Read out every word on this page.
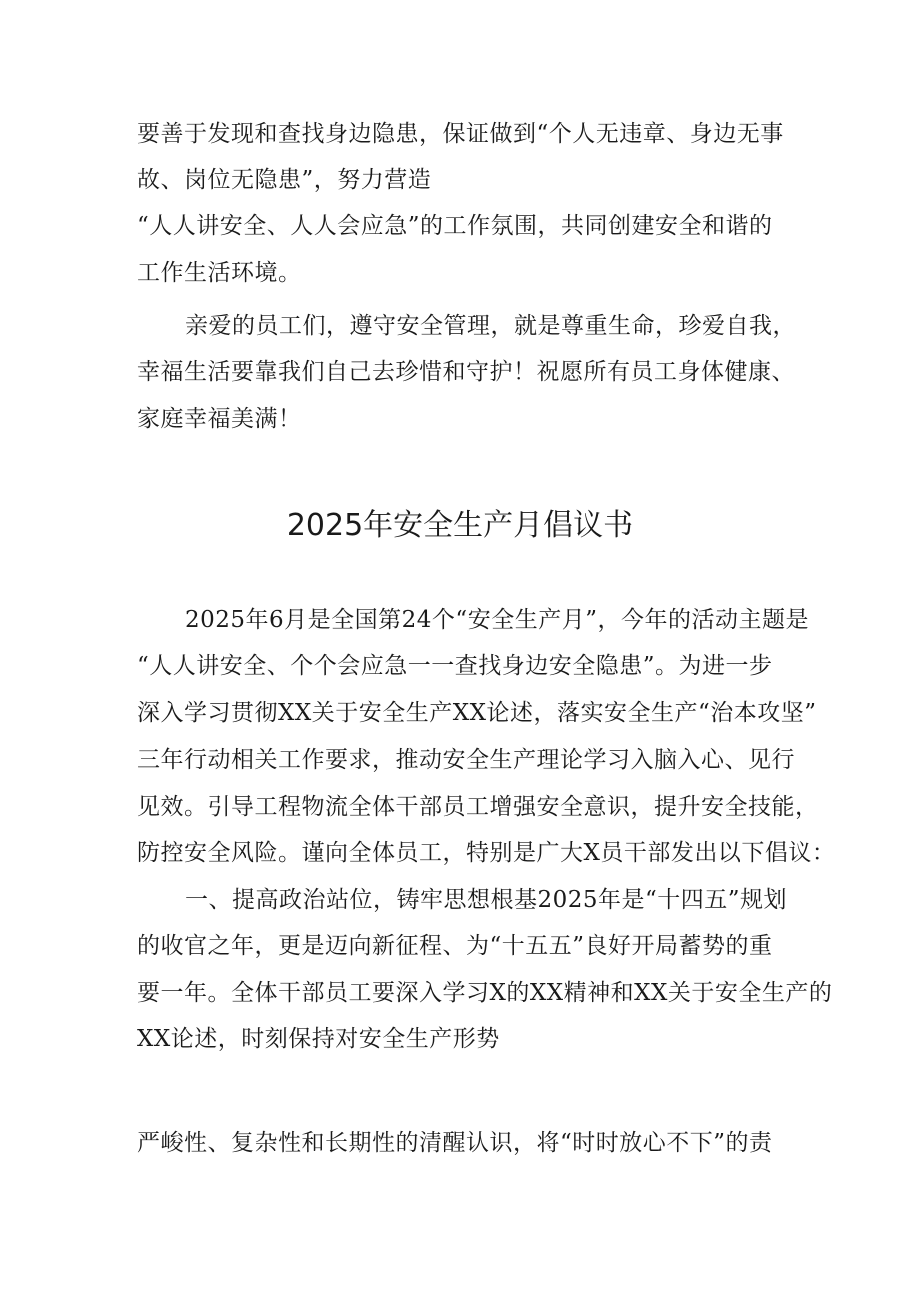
要善于发现和查找身边隐患，保证做到“个人无违章、身边无事
故、岗位无隐患”，努力营造
“人人讲安全、人人会应急”的工作氛围，共同创建安全和谐的
工作生活环境。
亲爱的员工们，遵守安全管理，就是尊重生命，珍爱自我，
幸福生活要靠我们自己去珍惜和守护！祝愿所有员工身体健康、
家庭幸福美满！
2025年安全生产月倡议书
2025年6月是全国第24个“安全生产月”，今年的活动主题是
“人人讲安全、个个会应急一一查找身边安全隐患”。为进一步
深入学习贯彻XX关于安全生产XX论述，落实安全生产“治本攻坚”
三年行动相关工作要求，推动安全生产理论学习入脑入心、见行
见效。引导工程物流全体干部员工增强安全意识，提升安全技能，
防控安全风险。谨向全体员工，特别是广大X员干部发出以下倡议：
一、提高政治站位，铸牢思想根基2025年是“十四五”规划
的收官之年，更是迈向新征程、为“十五五”良好开局蓄势的重
要一年。全体干部员工要深入学习X的XX精神和XX关于安全生产的
XX论述，时刻保持对安全生产形势
严峻性、复杂性和长期性的清醒认识，将“时时放心不下”的责
